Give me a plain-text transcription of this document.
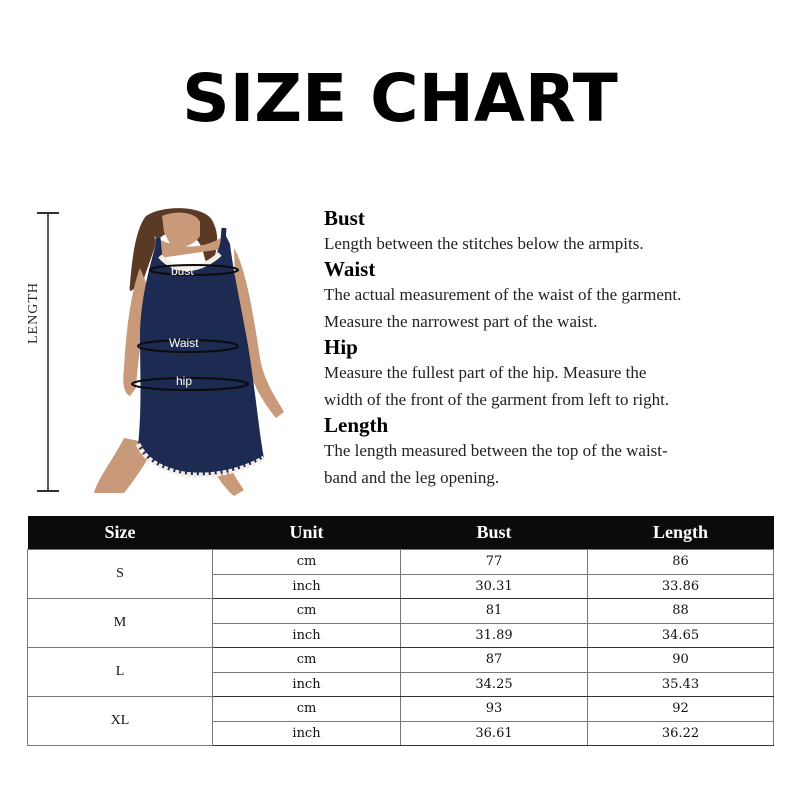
SIZE CHART
LENGTH
bust
Waist
hip
Bust
Length between the stitches below the armpits.
Waist
The actual measurement of the waist of the garment.
Measure the narrowest part of the waist.
Hip
Measure the fullest part of the hip. Measure the
width of the front of the garment from left to right.
Length
The length measured between the top of the waist-
band and the leg opening.
Size	Unit	Bust	Length
S	cm	77	86
	inch	30.31	33.86
M	cm	81	88
	inch	31.89	34.65
L	cm	87	90
	inch	34.25	35.43
XL	cm	93	92
	inch	36.61	36.22
